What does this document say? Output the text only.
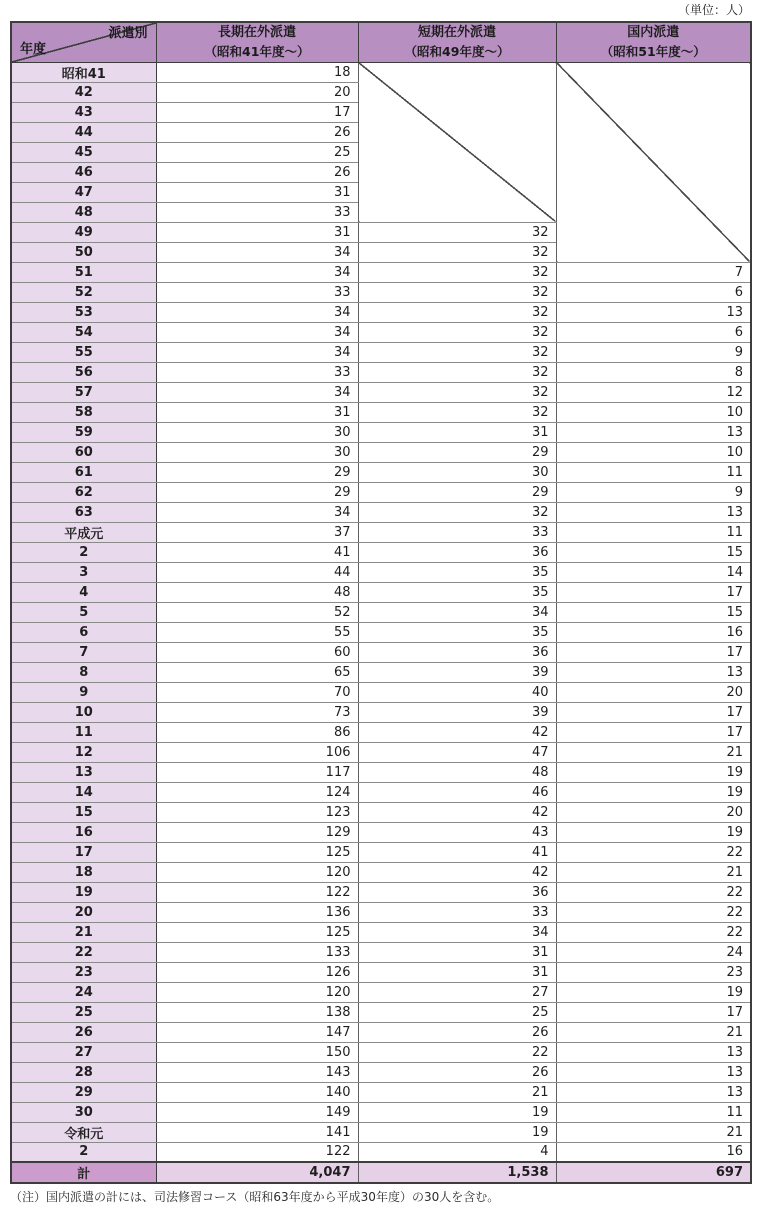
（単位：人）
派遣別
年度

長期在外派遣
（昭和41年度～）

短期在外派遣
（昭和49年度～）

国内派遣
（昭和51年度～）

昭和41	18		
42	20		
43	17		
44	26		
45	25		
46	26		
47	31		
48	33		
49	31	32	
50	34	32	
51	34	32	7
52	33	32	6
53	34	32	13
54	34	32	6
55	34	32	9
56	33	32	8
57	34	32	12
58	31	32	10
59	30	31	13
60	30	29	10
61	29	30	11
62	29	29	9
63	34	32	13
平成元	37	33	11
2	41	36	15
3	44	35	14
4	48	35	17
5	52	34	15
6	55	35	16
7	60	36	17
8	65	39	13
9	70	40	20
10	73	39	17
11	86	42	17
12	106	47	21
13	117	48	19
14	124	46	19
15	123	42	20
16	129	43	19
17	125	41	22
18	120	42	21
19	122	36	22
20	136	33	22
21	125	34	22
22	133	31	24
23	126	31	23
24	120	27	19
25	138	25	17
26	147	26	21
27	150	22	13
28	143	26	13
29	140	21	13
30	149	19	11
令和元	141	19	21
2	122	4	16
計	4,047	1,538	697
（注）国内派遣の計には、司法修習コース（昭和63年度から平成30年度）の30人を含む。
